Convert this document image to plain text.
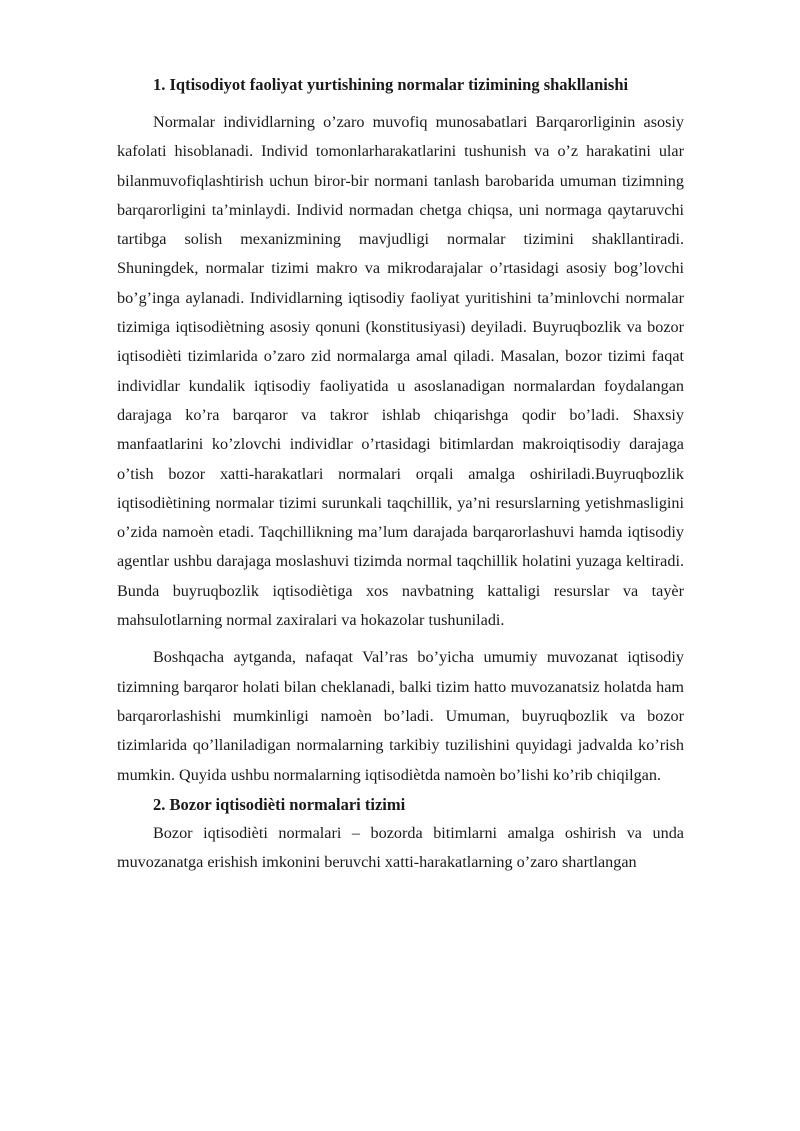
1. Iqtisodiyot faoliyat yurtishining normalar tizimining shakllanishi

Normalar individlarning o’zaro muvofiq munosabatlari Barqarorliginin asosiy kafolati hisoblanadi. Individ tomonlarharakatlarini tushunish va o’z harakatini ular bilanmuvofiqlashtirish uchun biror-bir normani tanlash barobarida umuman tizimning barqarorligini ta’minlaydi. Individ normadan chetga chiqsa, uni normaga qaytaruvchi tartibga solish mexanizmining mavjudligi normalar tizimini shakllantiradi. Shuningdek, normalar tizimi makro va mikrodarajalar o’rtasidagi asosiy bog’lovchi bo’g’inga aylanadi. Individlarning iqtisodiy faoliyat yuritishini ta’minlovchi normalar tizimiga iqtisodiètning asosiy qonuni (konstitusiyasi) deyiladi. Buyruqbozlik va bozor iqtisodièti tizimlarida o’zaro zid normalarga amal qiladi. Masalan, bozor tizimi faqat individlar kundalik iqtisodiy faoliyatida u asoslanadigan normalardan foydalangan darajaga ko’ra barqaror va takror ishlab chiqarishga qodir bo’ladi. Shaxsiy manfaatlarini ko’zlovchi individlar o’rtasidagi bitimlardan makroiqtisodiy darajaga o’tish bozor xatti-harakatlari normalari orqali amalga oshiriladi.Buyruqbozlik iqtisodiètining normalar tizimi surunkali taqchillik, ya’ni resurslarning yetishmasligini o’zida namoèn etadi. Taqchillikning ma’lum darajada barqarorlashuvi hamda iqtisodiy agentlar ushbu darajaga moslashuvi tizimda normal taqchillik holatini yuzaga keltiradi. Bunda buyruqbozlik iqtisodiètiga xos navbatning kattaligi resurslar va tayèr mahsulotlarning normal zaxiralari va hokazolar tushuniladi.

Boshqacha aytganda, nafaqat Val’ras bo’yicha umumiy muvozanat iqtisodiy tizimning barqaror holati bilan cheklanadi, balki tizim hatto muvozanatsiz holatda ham barqarorlashishi mumkinligi namoèn bo’ladi. Umuman, buyruqbozlik va bozor tizimlarida qo’llaniladigan normalarning tarkibiy tuzilishini quyidagi jadvalda ko’rish mumkin. Quyida ushbu normalarning iqtisodiètda namoèn bo’lishi ko’rib chiqilgan.

2. Bozor iqtisodièti normalari tizimi

Bozor iqtisodièti normalari – bozorda bitimlarni amalga oshirish va unda muvozanatga erishish imkonini beruvchi xatti-harakatlarning o’zaro shartlangan
